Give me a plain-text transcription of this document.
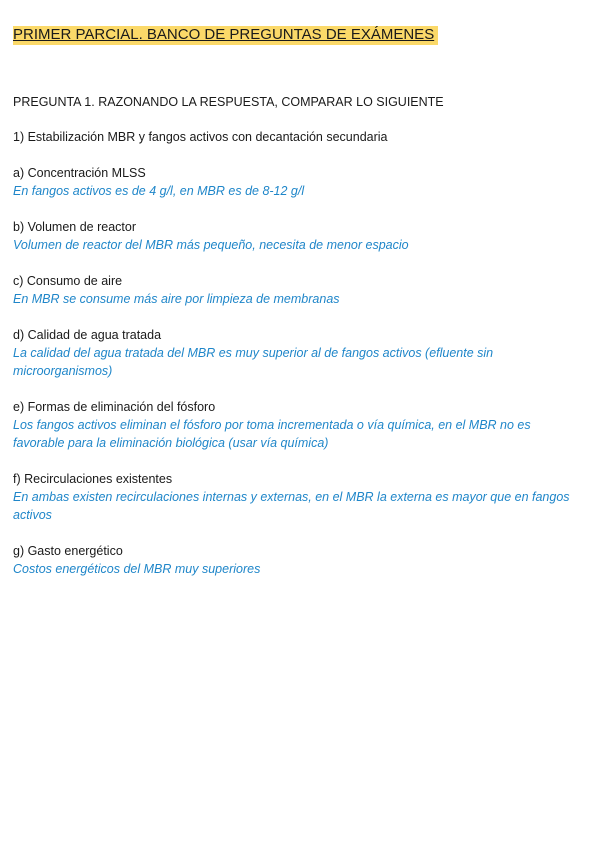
PRIMER PARCIAL. BANCO DE PREGUNTAS DE EXÁMENES
PREGUNTA 1. RAZONANDO LA RESPUESTA, COMPARAR LO SIGUIENTE
1) Estabilización MBR y fangos activos con decantación secundaria
a) Concentración MLSS
En fangos activos es de 4 g/l, en MBR es de 8-12 g/l
b) Volumen de reactor
Volumen de reactor del MBR más pequeño, necesita de menor espacio
c) Consumo de aire
En MBR se consume más aire por limpieza de membranas
d) Calidad de agua tratada
La calidad del agua tratada del MBR es muy superior al de fangos activos (efluente sin microorganismos)
e) Formas de eliminación del fósforo
Los fangos activos eliminan el fósforo por toma incrementada o vía química, en el MBR no es favorable para la eliminación biológica (usar vía química)
f) Recirculaciones existentes
En ambas existen recirculaciones internas y externas, en el MBR la externa es mayor que en fangos activos
g) Gasto energético
Costos energéticos del MBR muy superiores
